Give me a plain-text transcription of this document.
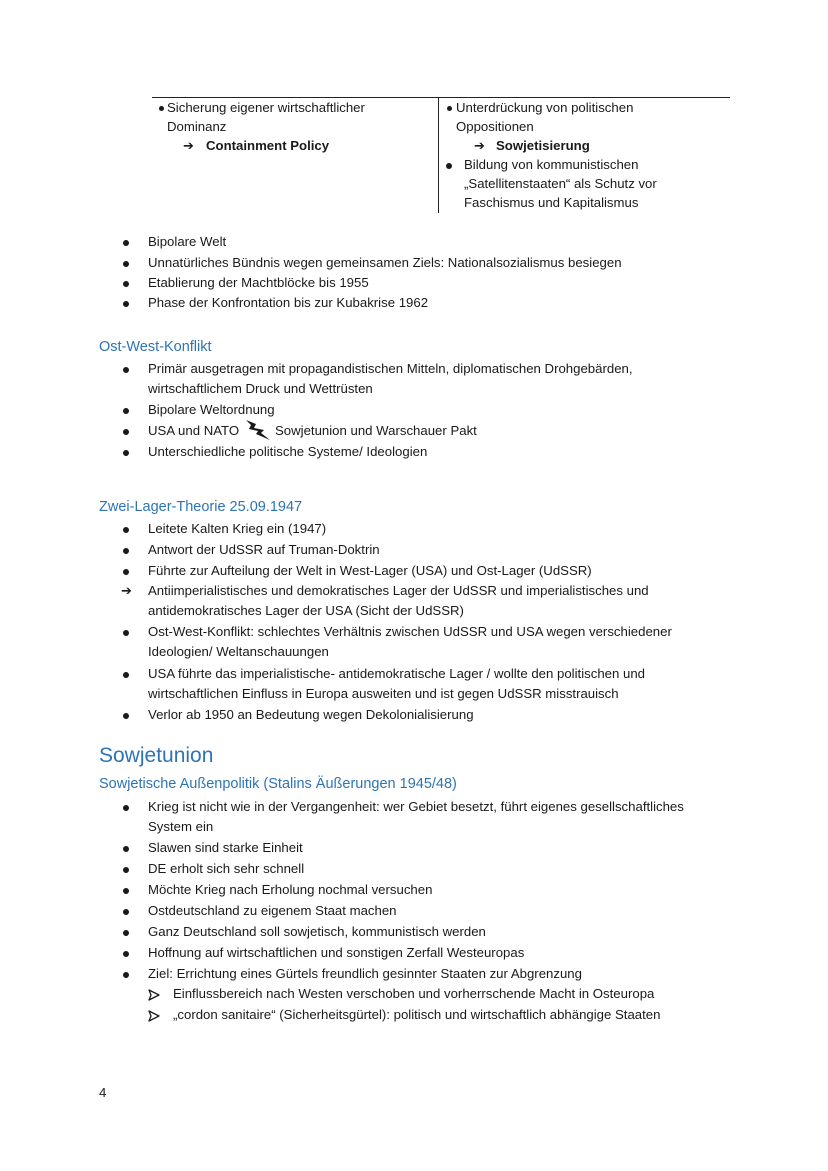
Sicherung eigener wirtschaftlicher
Dominanz
➔ Containment Policy
Unterdrückung von politischen
Oppositionen
➔ Sowjetisierung
Bildung von kommunistischen
„Satellitenstaaten“ als Schutz vor
Faschismus und Kapitalismus
Bipolare Welt
Unnatürliches Bündnis wegen gemeinsamen Ziels: Nationalsozialismus besiegen
Etablierung der Machtblöcke bis 1955
Phase der Konfrontation bis zur Kubakrise 1962
Ost-West-Konflikt
Primär ausgetragen mit propagandistischen Mitteln, diplomatischen Drohgebärden,
wirtschaftlichem Druck und Wettrüsten
Bipolare Weltordnung
USA und NATO	Sowjetunion und Warschauer Pakt
Unterschiedliche politische Systeme/ Ideologien
Zwei-Lager-Theorie 25.09.1947
Leitete Kalten Krieg ein (1947)
Antwort der UdSSR auf Truman-Doktrin
Führte zur Aufteilung der Welt in West-Lager (USA) und Ost-Lager (UdSSR)
➔ Antiimperialistisches und demokratisches Lager der UdSSR und imperialistisches und
antidemokratisches Lager der USA (Sicht der UdSSR)
Ost-West-Konflikt: schlechtes Verhältnis zwischen UdSSR und USA wegen verschiedener
Ideologien/ Weltanschauungen
USA führte das imperialistische- antidemokratische Lager / wollte den politischen und
wirtschaftlichen Einfluss in Europa ausweiten und ist gegen UdSSR misstrauisch
Verlor ab 1950 an Bedeutung wegen Dekolonialisierung
Sowjetunion
Sowjetische Außenpolitik (Stalins Äußerungen 1945/48)
Krieg ist nicht wie in der Vergangenheit: wer Gebiet besetzt, führt eigenes gesellschaftliches
System ein
Slawen sind starke Einheit
DE erholt sich sehr schnell
Möchte Krieg nach Erholung nochmal versuchen
Ostdeutschland zu eigenem Staat machen
Ganz Deutschland soll sowjetisch, kommunistisch werden
Hoffnung auf wirtschaftlichen und sonstigen Zerfall Westeuropas
Ziel: Errichtung eines Gürtels freundlich gesinnter Staaten zur Abgrenzung
Einflussbereich nach Westen verschoben und vorherrschende Macht in Osteuropa
„cordon sanitaire“ (Sicherheitsgürtel): politisch und wirtschaftlich abhängige Staaten
4
